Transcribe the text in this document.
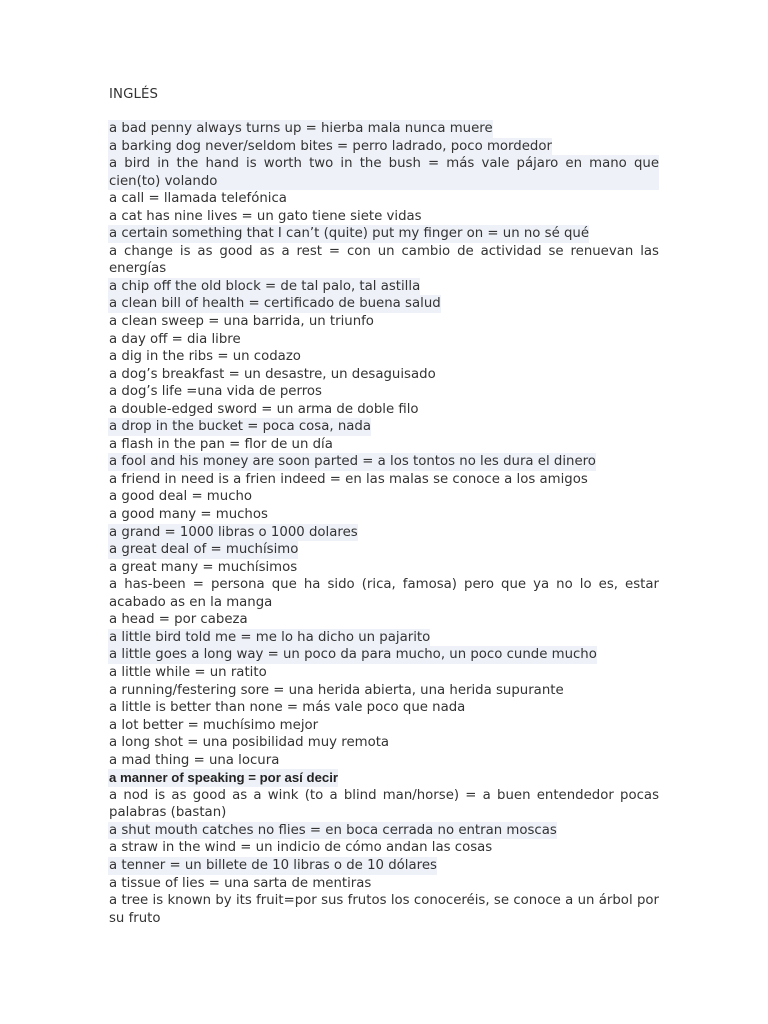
INGLÉS

a bad penny always turns up = hierba mala nunca muere

a barking dog never/seldom bites = perro ladrado, poco mordedor

a bird in the hand is worth two in the bush = más vale pájaro en mano que cien(to) volando

a call = llamada telefónica

a cat has nine lives = un gato tiene siete vidas

a certain something that I can’t (quite) put my finger on = un no sé qué

a change is as good as a rest = con un cambio de actividad se renuevan las energías

a chip off the old block = de tal palo, tal astilla

a clean bill of health = certificado de buena salud

a clean sweep = una barrida, un triunfo

a day off = dia libre

a dig in the ribs = un codazo

a dog’s breakfast = un desastre, un desaguisado

a dog’s life =una vida de perros

a double-edged sword = un arma de doble filo

a drop in the bucket = poca cosa, nada

a flash in the pan = flor de un día

a fool and his money are soon parted = a los tontos no les dura el dinero

a friend in need is a frien indeed = en las malas se conoce a los amigos

a good deal = mucho

a good many = muchos

a grand = 1000 libras o 1000 dolares

a great deal of = muchísimo

a great many = muchísimos

a has-been = persona que ha sido (rica, famosa) pero que ya no lo es, estar acabado as en la manga

a head = por cabeza

a little bird told me = me lo ha dicho un pajarito

a little goes a long way = un poco da para mucho, un poco cunde mucho

a little while = un ratito

a running/festering sore = una herida abierta, una herida supurante

a little is better than none = más vale poco que nada

a lot better = muchísimo mejor

a long shot = una posibilidad muy remota

a mad thing = una locura

a manner of speaking = por así decir

a nod is as good as a wink (to a blind man/horse) = a buen entendedor pocas palabras (bastan)

a shut mouth catches no flies = en boca cerrada no entran moscas

a straw in the wind = un indicio de cómo andan las cosas

a tenner = un billete de 10 libras o de 10 dólares

a tissue of lies = una sarta de mentiras

a tree is known by its fruit=por sus frutos los conoceréis, se conoce a un árbol por su fruto
